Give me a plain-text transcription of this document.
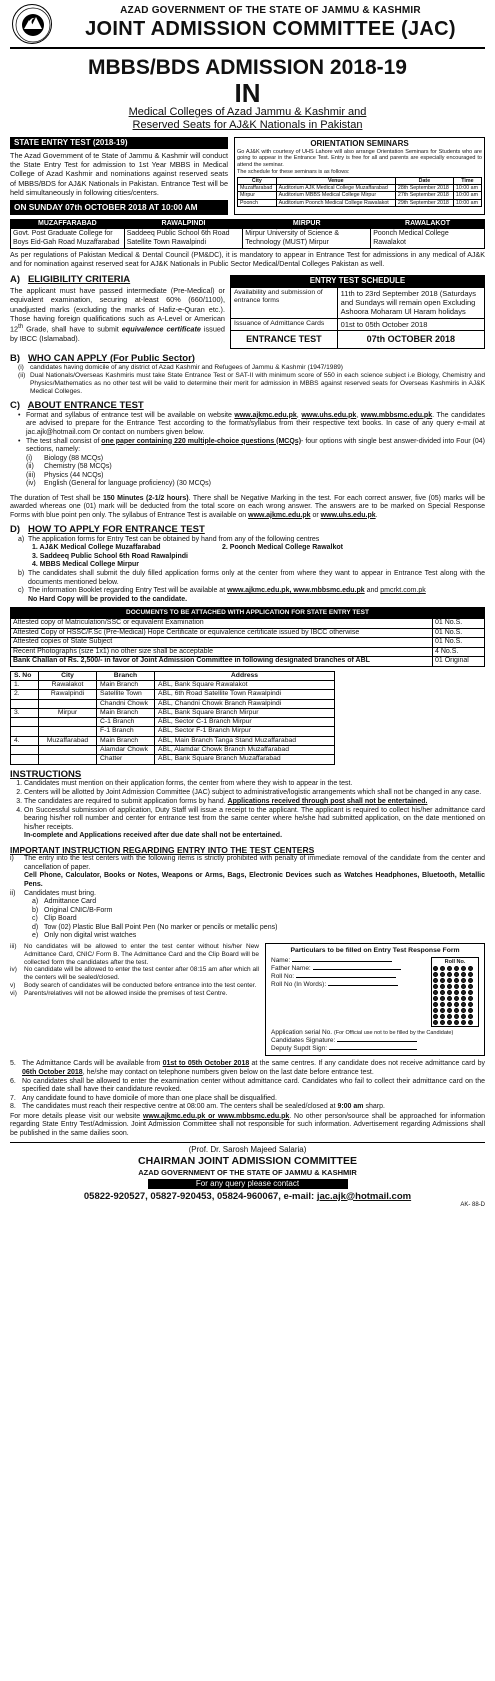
AZAD GOVERNMENT OF THE STATE OF JAMMU & KASHMIR
JOINT ADMISSION COMMITTEE (JAC)
MBBS/BDS ADMISSION 2018-19
IN
Medical Colleges of Azad Jammu & Kashmir and
Reserved Seats for AJ&K Nationals in Pakistan
STATE ENTRY TEST (2018-19)

The Azad Government of te State of Jammu & Kashmir will conduct the State Entry Test for admission to 1st Year MBBS in Medical College of Azad Kashmir and nominations against reserved seats of MBBS/BDS for AJ&K Nationals in Pakistan. Entrance Test will be held simultaneously in following cities/centers.

ON SUNDAY 07th OCTOBER 2018 AT 10:00 AM
ORIENTATION SEMINARS

Go AJ&K with courtesy of UHS Lahore will also arrange Orientation Seminars for Students who are going to appear in the Entrance Test. Entry is free for all and parents are especially encouraged to attend the seminar.

The schedule for these seminars is as follows:
City	Venue	Date	Time
Muzaffarabad	Auditorium AJK Medical College Muzaffarabad	28th September 2018	10:00 am
Mirpur	Auditorium MBBS Medical College Mirpur	27th September 2018	10:00 am
Poonch	Auditorium Poonch Medical College Rawalakot	29th September 2018	10:00 am
MUZAFFARABAD	RAWALPINDI	MIRPUR	RAWALAKOT
Govt. Post Graduate College for Boys Eid-Gah Road Muzaffarabad	Saddeeq Public School 6th Road Satellite Town Rawalpindi	Mirpur University of Science & Technology (MUST) Mirpur	Poonch Medical College Rawalakot

As per regulations of Pakistan Medical & Dental Council (PM&DC), it is mandatory to appear in Entrance Test for admissions in any medical of AJ&K and for nomination against reserved seat for AJ&K Nationals in Public Sector Medical/Dental Colleges Pakistan as well.

A) ELIGIBILITY CRITERIA

The applicant must have passed intermediate (Pre-Medical) or equivalent examination, securing at-least 60% (660/1100), unadjusted marks (excluding the marks of Hafiz-e-Quran etc.). Those having foreign qualifications such as A-Level or American 12th Grade, shall have to submit equivalence certificate issued by IBCC (Islamabad).

ENTRY TEST SCHEDULE
Availability and submission of entrance forms	11th to 23rd September 2018 (Saturdays and Sundays will remain open Excluding Ashoora Moharam Ul Haram holidays
Issuance of Admittance Cards	01st to 05th October 2018
ENTRANCE TEST	07th OCTOBER 2018
B) WHO CAN APPLY (For Public Sector)
(i) candidates having domicile of any district of Azad Kashmir and Refugees of Jammu & Kashmir (1947/1989)
(ii) Dual Nationals/Overseas Kashmiris must take State Entrance Test or SAT-II with minimum score of 550 in each science subject i.e Biology, Chemistry and Physics/Mathematics as no other test will be valid to determine their merit for admission in MBBS against reserved seats for Overseas Kashmiris in AJ&K Medical Colleges.
C) ABOUT ENTRANCE TEST
• Format and syllabus of entrance test will be available on website www.ajkmc.edu.pk, www.uhs.edu.pk, www.mbbsmc.edu.pk. The candidates are advised to prepare for the Entrance Test according to the format/syllabus from their respective text books. In case of any query e-mail at jac.ajk@hotmail.com Or contact on numbers given below.

• The test shall consist of one paper containing 220 multiple-choice questions (MCQs)- four options with single best answer-divided into Four (04) sections, namely:

(i)	Biology (88 MCQs)
(ii)	Chemistry (58 MCQs)
(iii)	Physics (44 NCQs)
(iv)	English (General for language proficiency) (30 MCQs)

The duration of Test shall be 150 Minutes (2-1/2 hours). There shall be Negative Marking in the test. For each correct answer, five (05) marks will be awarded whereas one (01) mark will be deducted from the total score on each wrong answer. The answers are to be marked on Special Response Forms with blue point pen only. The syllabus of Entrance Test is available on www.ajkmc.edu.pk or www.uhs.edu.pk.

D) HOW TO APPLY FOR ENTRANCE TEST
a) The application forms for Entry Test can be obtained by hand from any of the following centres
1. AJ&K Medical College Muzaffarabad	2. Poonch Medical College Rawalkot
3. Saddeeq Public School 6th Road Rawalpindi
4. MBBS Medical College Mirpur
b) The candidates shall submit the duly filled application forms only at the center from where they want to appear in Entrance Test along with the documents mentioned below.

c) The information Booklet regarding Entry Test will be available at www.ajkmc.edu.pk, www.mbbsmc.edu.pk and pmcrkt.com.pk
No Hard Copy will be provided to the candidate.

DOCUMENTS TO BE ATTACHED WITH APPLICATION FOR STATE ENTRY TEST	
Attested copy of Matriculation/SSC or equivalent Examination	01 No.S.
Attested Copy of HSSC/F.Sc (Pre-Medical) Hope Certificate or equivalence certificate issued by IBCC otherwise	01 No.S.
Attested copies of State Subject	01 No.S.
Recent Photographs (size 1x1) no other size shall be acceptable	4 No.S.
Bank Challan of Rs. 2,500/- in favor of Joint Admission Committee in following designated branches of ABL	01 Original
S. No	City	Branch	Address	
1.	Rawalakot	Main Branch	ABL, Bank Square Rawalakot	
2.	Rawalpindi	Satellite Town	ABL, 6th Road Satellite Town Rawalpindi	
		Chandni Chowk	ABL, Chandni Chowk Branch Rawalpindi	
3.	Mirpur	Main Branch	ABL, Bank Square Branch Mirpur	
		C-1 Branch	ABL, Sector C-1 Branch Mirpur	
		F-1 Branch	ABL, Sector F-1 Branch Mirpur	
4.	Muzaffarabad	Main Branch	ABL, Main Branch Tanga Stand Muzaffarabad	
		Alamdar Chowk	ABL, Alamdar Chowk Branch Muzaffarabad	
		Chatter	ABL, Bank Square Branch Muzaffarabad	
INSTRUCTIONS
1. Candidates must mention on their application forms, the center from where they wish to appear in the test.
2. Centers will be allotted by Joint Admission Committee (JAC) subject to administrative/logistic arrangements which shall not be changed in any case.
3. The candidates are required to submit application forms by hand. Applications received through post shall not be entertained.

4. On Successful submission of application, Duty Staff will issue a receipt to the applicant. The applicant is required to collect his/her admittance card bearing his/her roll number and center for entrance test from the same center where he/she had submitted application, on the date mentioned on his/her receipts.
In-complete and Applications received after due date shall not be entertained.

IMPORTANT INSTRUCTION REGARDING ENTRY INTO THE TEST CENTERS
i)	The entry into the test centers with the following items is strictly prohibited with penalty of immediate removal of the candidate from the center and cancellation of paper.
Cell Phone, Calculator, Books or Notes, Weapons or Arms, Bags, Electronic Devices such as Watches Headphones, Bluetooth, Metallic Pens.

ii)	Candidates must bring.
a) Admittance Card
b) Original CNIC/B-Form
c) Clip Board
d) Tow (02) Plastic Blue Ball Point Pen (No marker or pencils or metallic pens)
e) Only non digital wrist watches
iii)	No candidates will be allowed to enter the test center without his/her New Admittance Card, CNIC/ Form B. The Admittance Card and the Clip Board will be collected form the candidates after the test.

iv)	No candidate will be allowed to enter the test center after 08:15 am after which all the centers will be sealed/closed.

v)	Body search of candidates will be conducted before entrance into the test center.

vi)	Parents/relatives will not be allowed inside the premises of test Centre.

Particulars to be filled on Entry Test Response Form
Name:
Father Name:
Roll No:
Roll No (In Words):
Roll No.
Application serial No. (For Official use not to be filled by the Candidate)
Candidates Signature:
Deputy Supdt Sign:
5. The Admittance Cards will be available from 01st to 05th October 2018 at the same centres. If any candidate does not receive admittance card by 06th October 2018, he/she may contact on telephone numbers given below on the last date before entrance test.

6. No candidates shall be allowed to enter the examination center without admittance card. Candidates who fail to collect their admittance card on the specified date shall have their candidature revoked.

7. Any candidate found to have domicile of more than one place shall be disqualified.

8. The candidates must reach their respective centre at 08:00 am. The centers shall be sealed/closed at 9:00 am sharp.

For more details please visit our website www.ajkmc.edu.pk or www.mbbsmc.edu.pk. No other person/source shall be approached for information regarding State Entry Test/Admission. Joint Admission Committee shall not responsible for such information. Advertisement regarding Admissions shall be published in the same dailies soon.

(Prof. Dr. Sarosh Majeed Salaria)
CHAIRMAN JOINT ADMISSION COMMITTEE
AZAD GOVERNMENT OF THE STATE OF JAMMU & KASHMIR
For any query please contact
05822-920527, 05827-920453, 05824-960067, e-mail: jac.ajk@hotmail.com
AK- 88-D
